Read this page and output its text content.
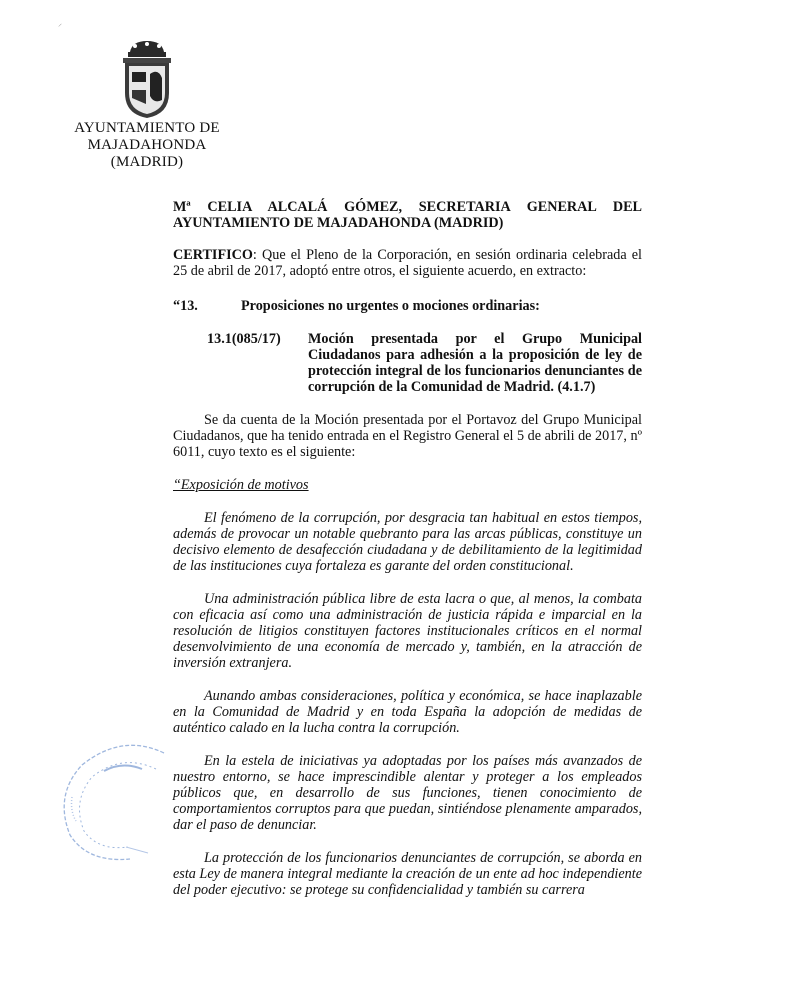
⸝
AYUNTAMIENTO DE
MAJADAHONDA
(MADRID)
Mª CELIA ALCALÁ GÓMEZ, SECRETARIA GENERAL DEL
AYUNTAMIENTO DE MAJADAHONDA (MADRID)

CERTIFICO: Que el Pleno de la Corporación, en sesión ordinaria celebrada el 25 de abril de 2017, adoptó entre otros, el siguiente acuerdo, en extracto:

“13.	Proposiciones no urgentes o mociones ordinarias:
13.1(085/17)	Moción presentada por el Grupo Municipal Ciudadanos para adhesión a la proposición de ley de protección integral de los funcionarios denunciantes de corrupción de la Comunidad de Madrid. (4.1.7)

Se da cuenta de la Moción presentada por el Portavoz del Grupo Municipal Ciudadanos, que ha tenido entrada en el Registro General el 5 de abrili de 2017, nº 6011, cuyo texto es el siguiente:

“Exposición de motivos

El fenómeno de la corrupción, por desgracia tan habitual en estos tiempos, además de provocar un notable quebranto para las arcas públicas, constituye un decisivo elemento de desafección ciudadana y de debilitamiento de la legitimidad de las instituciones cuya fortaleza es garante del orden constitucional.

Una administración pública libre de esta lacra o que, al menos, la combata con eficacia así como una administración de justicia rápida e imparcial en la resolución de litigios constituyen factores institucionales críticos en el normal desenvolvimiento de una economía de mercado y, también, en la atracción de inversión extranjera.

Aunando ambas consideraciones, política y económica, se hace inaplazable en la Comunidad de Madrid y en toda España la adopción de medidas de auténtico calado en la lucha contra la corrupción.

En la estela de iniciativas ya adoptadas por los países más avanzados de nuestro entorno, se hace imprescindible alentar y proteger a los empleados públicos que, en desarrollo de sus funciones, tienen conocimiento de comportamientos corruptos para que puedan, sintiéndose plenamente amparados, dar el paso de denunciar.

La protección de los funcionarios denunciantes de corrupción, se aborda en esta Ley de manera integral mediante la creación de un ente ad hoc independiente del poder ejecutivo: se protege su confidencialidad y también su carrera
